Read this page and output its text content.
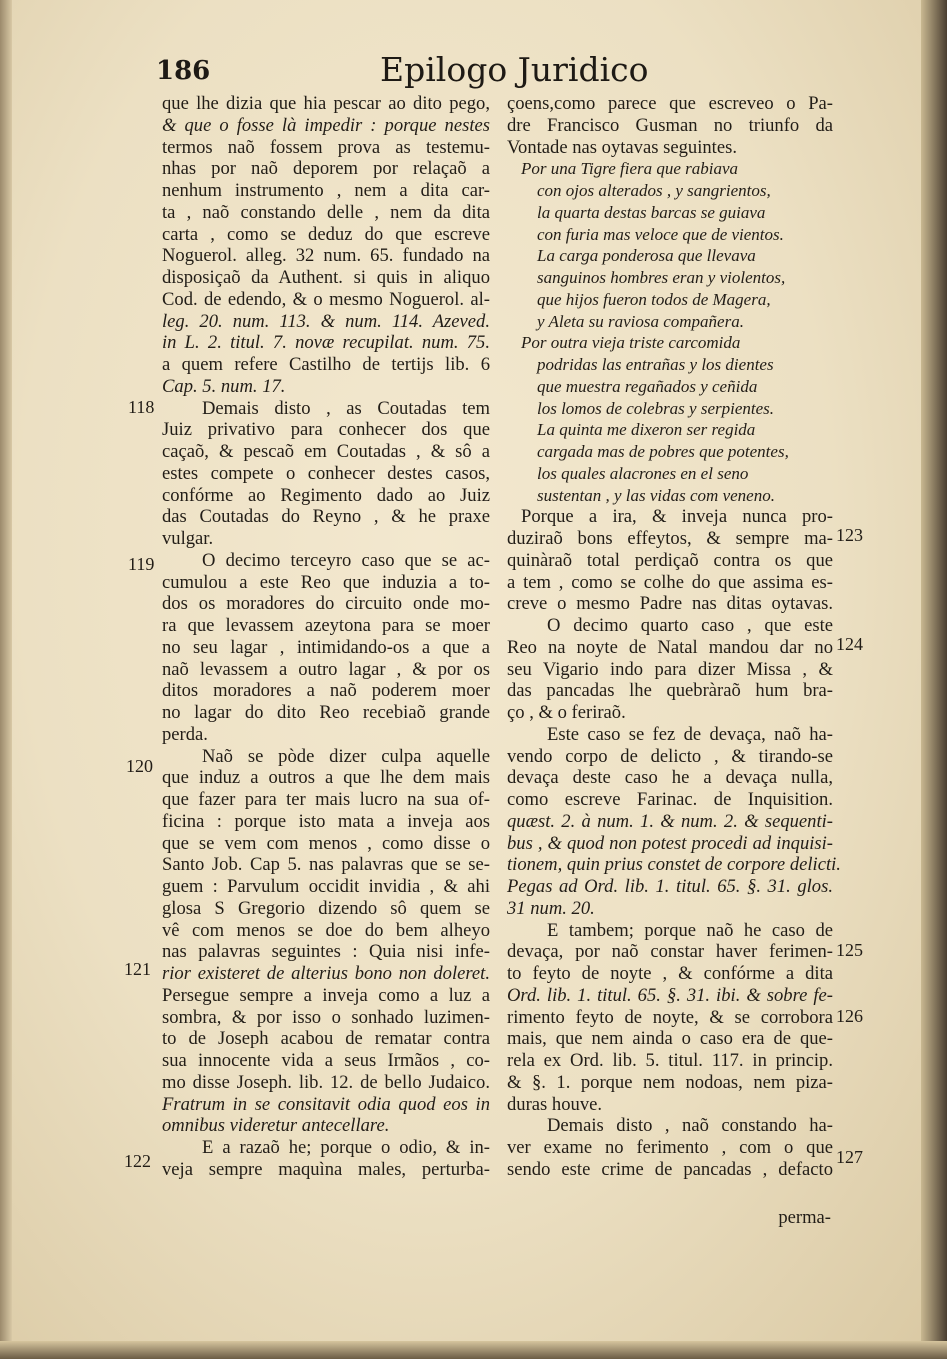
186	Epilogo Juridico
que lhe dizia que hia pescar ao dito pego,
& que o fosse là impedir : porque nestes
termos naõ fossem prova as testemu-
nhas por naõ deporem por relaçaõ a
nenhum instrumento , nem a dita car-
ta , naõ constando delle , nem da dita
carta , como se deduz do que escreve
Noguerol. alleg. 32 num. 65. fundado na
disposiçaõ da Authent. si quis in aliquo
Cod. de edendo, & o mesmo Noguerol. al-
leg. 20. num. 113. & num. 114. Azeved.
in L. 2. titul. 7. novæ recupilat. num. 75.
a quem refere Castilho de tertijs lib. 6
Cap. 5. num. 17.
Demais disto , as Coutadas tem
Juiz privativo para conhecer dos que
caçaõ, & pescaõ em Coutadas , & sô a
estes compete o conhecer destes casos,
confórme ao Regimento dado ao Juiz
das Coutadas do Reyno , & he praxe
vulgar.
O decimo terceyro caso que se ac-
cumulou a este Reo que induzia a to-
dos os moradores do circuito onde mo-
ra que levassem azeytona para se moer
no seu lagar , intimidando-os a que a
naõ levassem a outro lagar , & por os
ditos moradores a naõ poderem moer
no lagar do dito Reo recebiaõ grande
perda.
Naõ se pòde dizer culpa aquelle
que induz a outros a que lhe dem mais
que fazer para ter mais lucro na sua of-
ficina : porque isto mata a inveja aos
que se vem com menos , como disse o
Santo Job. Cap 5. nas palavras que se se-
guem : Parvulum occidit invidia , & ahi
glosa S Gregorio dizendo sô quem se
vê com menos se doe do bem alheyo
nas palavras seguintes : Quia nisi infe-
rior existeret de alterius bono non doleret.
Persegue sempre a inveja como a luz a
sombra, & por isso o sonhado luzimen-
to de Joseph acabou de rematar contra
sua innocente vida a seus Irmãos , co-
mo disse Joseph. lib. 12. de bello Judaico.
Fratrum in se consitavit odia quod eos in
omnibus videretur antecellare.
E a razaõ he; porque o odio, & in-
veja sempre maquìna males, perturba-
çoens,como parece que escreveo o Pa-
dre Francisco Gusman no triunfo da
Vontade nas oytavas seguintes.
Por una Tigre fiera que rabiava
con ojos alterados , y sangrientos,
la quarta destas barcas se guiava
con furia mas veloce que de vientos.
La carga ponderosa que llevava
sanguinos hombres eran y violentos,
que hijos fueron todos de Magera,
y Aleta su raviosa compañera.
Por outra vieja triste carcomida
podridas las entrañas y los dientes
que muestra regañados y ceñida
los lomos de colebras y serpientes.
La quinta me dixeron ser regida
cargada mas de pobres que potentes,
los quales alacrones en el seno
sustentan , y las vidas com veneno.
Porque a ira, & inveja nunca pro-
duziraõ bons effeytos, & sempre ma-
quinàraõ total perdiçaõ contra os que
a tem , como se colhe do que assima es-
creve o mesmo Padre nas ditas oytavas.
O decimo quarto caso , que este
Reo na noyte de Natal mandou dar no
seu Vigario indo para dizer Missa , &
das pancadas lhe quebràraõ hum bra-
ço , & o feriraõ.
Este caso se fez de devaça, naõ ha-
vendo corpo de delicto , & tirando-se
devaça deste caso he a devaça nulla,
como escreve Farinac. de Inquisition.
quæst. 2. à num. 1. & num. 2. & sequenti-
bus , & quod non potest procedi ad inquisi-
tionem, quin prius constet de corpore delicti.
Pegas ad Ord. lib. 1. titul. 65. §. 31. glos.
31 num. 20.
E tambem; porque naõ he caso de
devaça, por naõ constar haver ferimen-
to feyto de noyte , & confórme a dita
Ord. lib. 1. titul. 65. §. 31. ibi. & sobre fe-
rimento feyto de noyte, & se corrobora
mais, que nem ainda o caso era de que-
rela ex Ord. lib. 5. titul. 117. in princip.
& §. 1. porque nem nodoas, nem piza-
duras houve.
Demais disto , naõ constando ha-
ver exame no ferimento , com o que
sendo este crime de pancadas , defacto
perma-
118
119
120
121
122
123
124
125
126
127
